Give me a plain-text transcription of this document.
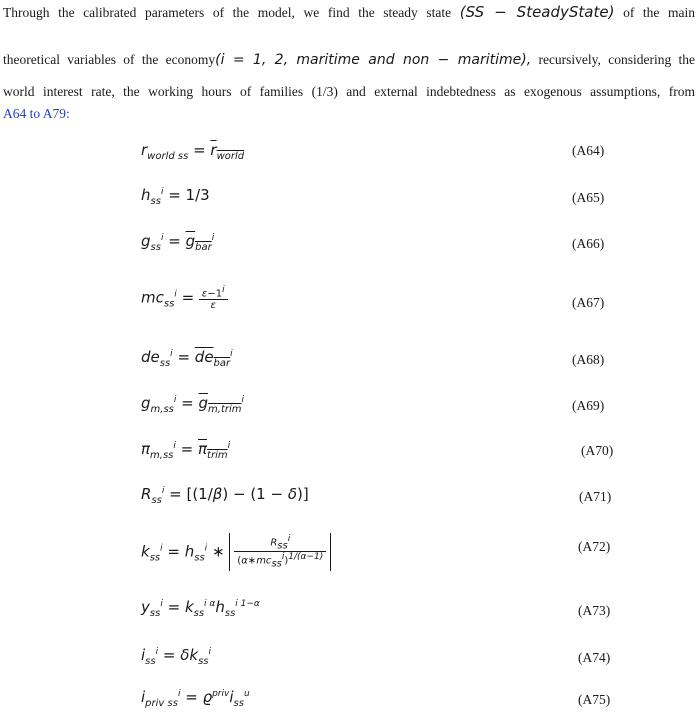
Through the calibrated parameters of the model, we find the steady state (SS − SteadyState) of the main
theoretical variables of the economy(i = 1, 2, maritime and non − maritime), recursively, considering the
world interest rate, the working hours of families (1/3) and external indebtedness as exogenous assumptions, from
A64 to A79:
$r_{world ss} = r_{world}$	(A64)
$h_{ss}^i = 1/3$	(A65)
$g_{ss}^i = g_{bar}^i$	(A66)
$mc_{ss}^i = \frac{\varepsilon-1^i}{\varepsilon}$	(A67)
$de_{ss}^i = de_{bar}^i$	(A68)
$g_{m,ss}^i = g_{m,trim}^i$	(A69)
$\pi_{m,ss}^i = \pi_{trim}^i$	(A70)
$R_{ss}^i = [(1/\beta) - (1 - \delta)]$	(A71)
$k_{ss}^i = h_{ss}^i$ ∗ $\frac{R_{ss}^i}{(\alpha∗mc_{ss}^i)^{1/(\alpha-1)}}$	(A72)
$y_{ss}^i = k_{ss}^{i \alpha}h_{ss}^{i 1-\alpha}$	(A73)
$i_{ss}^i = \delta k_{ss}^i$	(A74)
$i_{priv ss}^i = ϱ^{priv}i_{ss}^u$	(A75)
